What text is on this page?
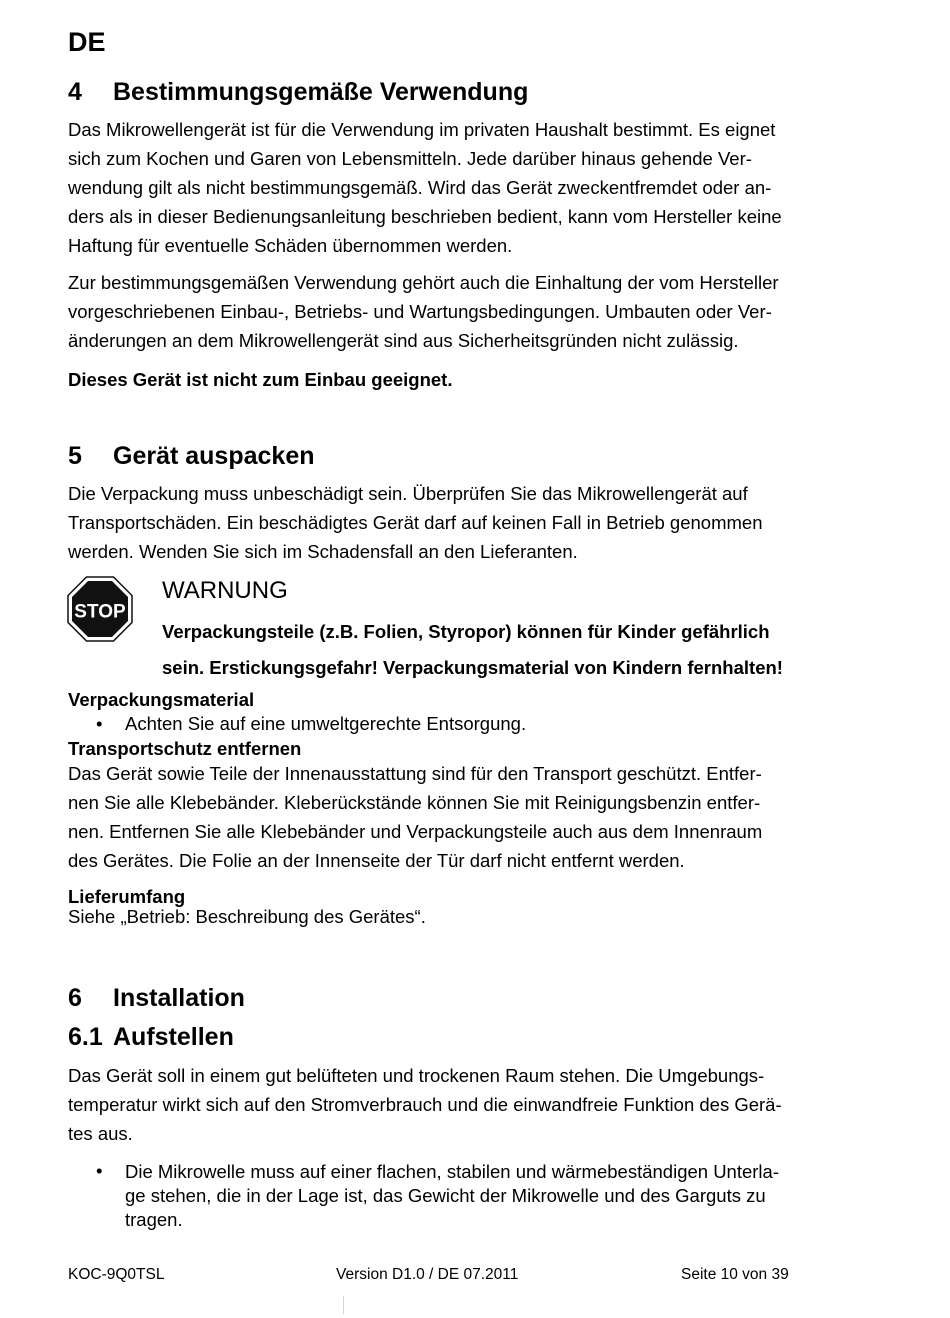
DE
4 Bestimmungsgemäße Verwendung
Das Mikrowellengerät ist für die Verwendung im privaten Haushalt bestimmt. Es eignet
sich zum Kochen und Garen von Lebensmitteln. Jede darüber hinaus gehende Ver-
wendung gilt als nicht bestimmungsgemäß. Wird das Gerät zweckentfremdet oder an-
ders als in dieser Bedienungsanleitung beschrieben bedient, kann vom Hersteller keine
Haftung für eventuelle Schäden übernommen werden.
Zur bestimmungsgemäßen Verwendung gehört auch die Einhaltung der vom Hersteller
vorgeschriebenen Einbau-, Betriebs- und Wartungsbedingungen. Umbauten oder Ver-
änderungen an dem Mikrowellengerät sind aus Sicherheitsgründen nicht zulässig.
Dieses Gerät ist nicht zum Einbau geeignet.
5 Gerät auspacken
Die Verpackung muss unbeschädigt sein. Überprüfen Sie das Mikrowellengerät auf
Transportschäden. Ein beschädigtes Gerät darf auf keinen Fall in Betrieb genommen
werden. Wenden Sie sich im Schadensfall an den Lieferanten.
STOP
WARNUNG
Verpackungsteile (z.B. Folien, Styropor) können für Kinder gefährlich
sein. Erstickungsgefahr! Verpackungsmaterial von Kindern fernhalten!
Verpackungsmaterial
• Achten Sie auf eine umweltgerechte Entsorgung.
Transportschutz entfernen
Das Gerät sowie Teile der Innenausstattung sind für den Transport geschützt. Entfer-
nen Sie alle Klebebänder. Kleberückstände können Sie mit Reinigungsbenzin entfer-
nen. Entfernen Sie alle Klebebänder und Verpackungsteile auch aus dem Innenraum
des Gerätes. Die Folie an der Innenseite der Tür darf nicht entfernt werden.
Lieferumfang
Siehe „Betrieb: Beschreibung des Gerätes“.
6 Installation
6.1 Aufstellen
Das Gerät soll in einem gut belüfteten und trockenen Raum stehen. Die Umgebungs-
temperatur wirkt sich auf den Stromverbrauch und die einwandfreie Funktion des Gerä-
tes aus.
• Die Mikrowelle muss auf einer flachen, stabilen und wärmebeständigen Unterla-
ge stehen, die in der Lage ist, das Gewicht der Mikrowelle und des Garguts zu
tragen.
KOC-9Q0TSL	Version D1.0 / DE 07.2011	Seite 10 von 39
